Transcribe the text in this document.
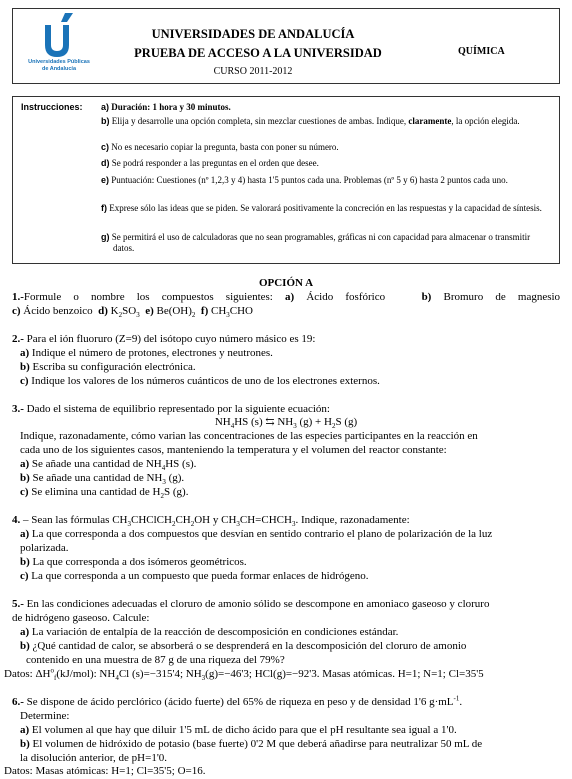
Universidades Públicas
de Andalucía
UNIVERSIDADES DE ANDALUCÍA
PRUEBA DE ACCESO A LA UNIVERSIDAD
CURSO 2011-2012
QUÍMICA
Instrucciones: a) Duración: 1 hora y 30 minutos.
b) Elija y desarrolle una opción completa, sin mezclar cuestiones de ambas. Indique, claramente, la opción elegida.
c) No es necesario copiar la pregunta, basta con poner su número.
d) Se podrá responder a las preguntas en el orden que desee.
e) Puntuación: Cuestiones (nº 1,2,3 y 4) hasta 1'5 puntos cada una. Problemas (nº 5 y 6) hasta 2 puntos cada uno.
f) Exprese sólo las ideas que se piden. Se valorará positivamente la concreción en las respuestas y la capacidad de síntesis.
g) Se permitirá el uso de calculadoras que no sean programables, gráficas ni con capacidad para almacenar o transmitir datos.
OPCIÓN A
1.-Formule o nombre los compuestos siguientes: a) Ácido fosfórico	b) Bromuro de magnesio
c) Ácido benzoico d) $K_2SO_3$ e) $Be(OH)_2$ f) $CH_3CHO$
2.- Para el ión fluoruro (Z=9) del isótopo cuyo número másico es 19:
a) Indique el número de protones, electrones y neutrones.
b) Escriba su configuración electrónica.
c) Indique los valores de los números cuánticos de uno de los electrones externos.
3.- Dado el sistema de equilibrio representado por la siguiente ecuación:
$NH_4HS$ (s) ⇆ $NH_3$ $(g) + H_2S$ (g)
Indique, razonadamente, cómo varian las concentraciones de las especies participantes en la reacción en
cada uno de los siguientes casos, manteniendo la temperatura y el volumen del reactor constante:
a) Se añade una cantidad de $NH_4HS$ (s).
b) Se añade una cantidad de $NH_3$ (g).
c) Se elimina una cantidad de $H_2S$ (g).
4. – Sean las fórmulas $CH_3CHClCH_2CH_2OH$ y $CH_3CH=CHCH_3$. Indique, razonadamente:
a) La que corresponda a dos compuestos que desvían en sentido contrario el plano de polarización de la luz
polarizada.
b) La que corresponda a dos isómeros geométricos.
c) La que corresponda a un compuesto que pueda formar enlaces de hidrógeno.
5.- En las condiciones adecuadas el cloruro de amonio sólido se descompone en amoniaco gaseoso y cloruro
de hidrógeno gaseoso. Calcule:
a) La variación de entalpía de la reacción de descomposición en condiciones estándar.
b) ¿Qué cantidad de calor, se absorberá o se desprenderá en la descomposición del cloruro de amonio
contenido en una muestra de 87 g de una riqueza del 79%?
Datos: $\Delta H^o_f(kJ/mol)$: $NH_4Cl$ (s)=−315'4; $NH_3(g)=-46'3$; HCl(g)=−92'3. Masas atómicas. H=1; N=1; Cl=35'5
6.- Se dispone de ácido perclórico (ácido fuerte) del 65% de riqueza en peso y de densidad 1'6 $g\cdot mL^{-1}$.
Determine:
a) El volumen al que hay que diluir 1'5 mL de dicho ácido para que el pH resultante sea igual a 1'0.
b) El volumen de hidróxido de potasio (base fuerte) 0'2 M que deberá añadirse para neutralizar 50 mL de
la disolución anterior, de pH=1'0.
Datos: Masas atómicas: H=1; Cl=35'5; O=16.
